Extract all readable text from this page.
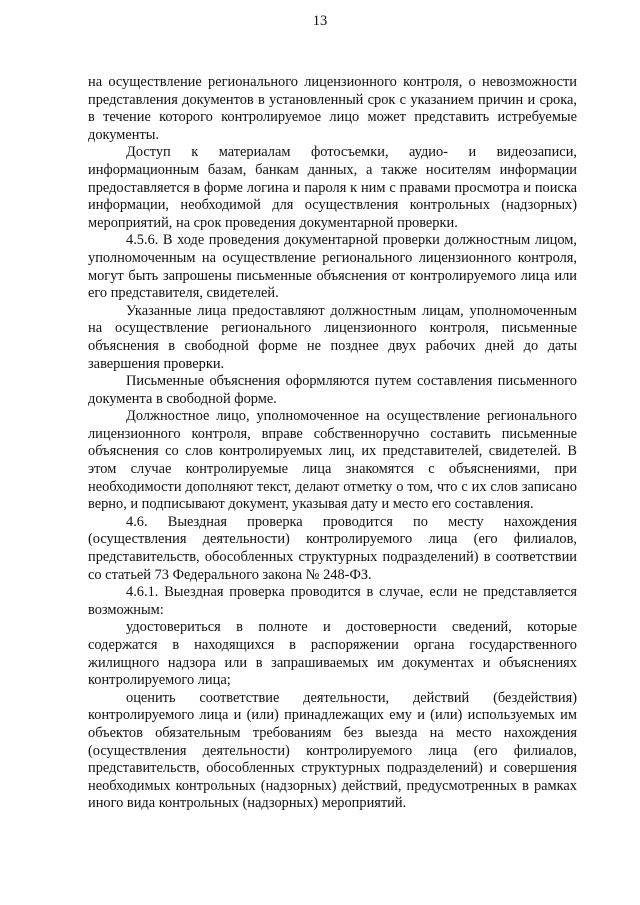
13

на осуществление регионального лицензионного контроля, о невозможности представления документов в установленный срок с указанием причин и срока, в течение которого контролируемое лицо может представить истребуемые документы.

Доступ к материалам фотосъемки, аудио- и видеозаписи, информационным базам, банкам данных, а также носителям информации предоставляется в форме логина и пароля к ним с правами просмотра и поиска информации, необходимой для осуществления контрольных (надзорных) мероприятий, на срок проведения документарной проверки.

4.5.6. В ходе проведения документарной проверки должностным лицом, уполномоченным на осуществление регионального лицензионного контроля, могут быть запрошены письменные объяснения от контролируемого лица или его представителя, свидетелей.

Указанные лица предоставляют должностным лицам, уполномоченным на осуществление регионального лицензионного контроля, письменные объяснения в свободной форме не позднее двух рабочих дней до даты завершения проверки.

Письменные объяснения оформляются путем составления письменного документа в свободной форме.

Должностное лицо, уполномоченное на осуществление регионального лицензионного контроля, вправе собственноручно составить письменные объяснения со слов контролируемых лиц, их представителей, свидетелей. В этом случае контролируемые лица знакомятся с объяснениями, при необходимости дополняют текст, делают отметку о том, что с их слов записано верно, и подписывают документ, указывая дату и место его составления.

4.6. Выездная проверка проводится по месту нахождения (осуществления деятельности) контролируемого лица (его филиалов, представительств, обособленных структурных подразделений) в соответствии со статьей 73 Федерального закона № 248-ФЗ.

4.6.1. Выездная проверка проводится в случае, если не представляется возможным:

удостовериться в полноте и достоверности сведений, которые содержатся в находящихся в распоряжении органа государственного жилищного надзора или в запрашиваемых им документах и объяснениях контролируемого лица;

оценить соответствие деятельности, действий (бездействия) контролируемого лица и (или) принадлежащих ему и (или) используемых им объектов обязательным требованиям без выезда на место нахождения (осуществления деятельности) контролируемого лица (его филиалов, представительств, обособленных структурных подразделений) и совершения необходимых контрольных (надзорных) действий, предусмотренных в рамках иного вида контрольных (надзорных) мероприятий.
